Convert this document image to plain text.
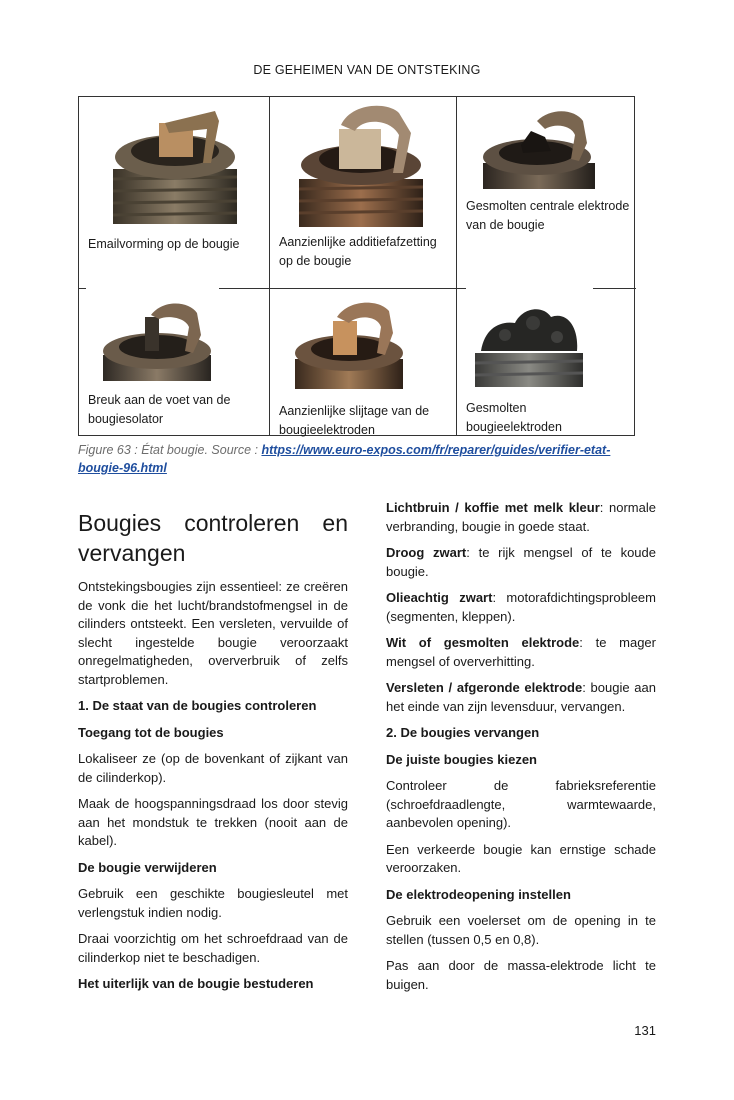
DE GEHEIMEN VAN DE ONTSTEKING
Emailvorming op de bougie	Aanzienlijke additiefafzetting op de bougie
Gesmolten centrale elektrode van de bougie
Breuk aan de voet van de bougiesolator
Aanzienlijke slijtage van de bougieelektroden
Gesmolten bougieelektroden
Figure 63 : État bougie. Source : https://www.euro-expos.com/fr/reparer/guides/verifier-etat-bougie-96.html
Bougies controleren en vervangen

Ontstekingsbougies zijn essentieel: ze creëren de vonk die het lucht/brandstofmengsel in de cilinders ontsteekt. Een versleten, vervuilde of slecht ingestelde bougie veroorzaakt onregelmatigheden, oververbruik of zelfs startproblemen.

1. De staat van de bougies controleren

Toegang tot de bougies

Lokaliseer ze (op de bovenkant of zijkant van de cilinderkop).

Maak de hoogspanningsdraad los door stevig aan het mondstuk te trekken (nooit aan de kabel).

De bougie verwijderen

Gebruik een geschikte bougiesleutel met verlengstuk indien nodig.

Draai voorzichtig om het schroefdraad van de cilinderkop niet te beschadigen.

Het uiterlijk van de bougie bestuderen

Lichtbruin / koffie met melk kleur: normale verbranding, bougie in goede staat.

Droog zwart: te rijk mengsel of te koude bougie.

Olieachtig zwart: motorafdichtingsprobleem (segmenten, kleppen).

Wit of gesmolten elektrode: te mager mengsel of oververhitting.

Versleten / afgeronde elektrode: bougie aan het einde van zijn levensduur, vervangen.

2. De bougies vervangen

De juiste bougies kiezen

Controleer de fabrieksreferentie (schroefdraadlengte, warmtewaarde, aanbevolen opening).

Een verkeerde bougie kan ernstige schade veroorzaken.

De elektrodeopening instellen

Gebruik een voelerset om de opening in te stellen (tussen 0,5 en 0,8).

Pas aan door de massa-elektrode licht te buigen.

131
